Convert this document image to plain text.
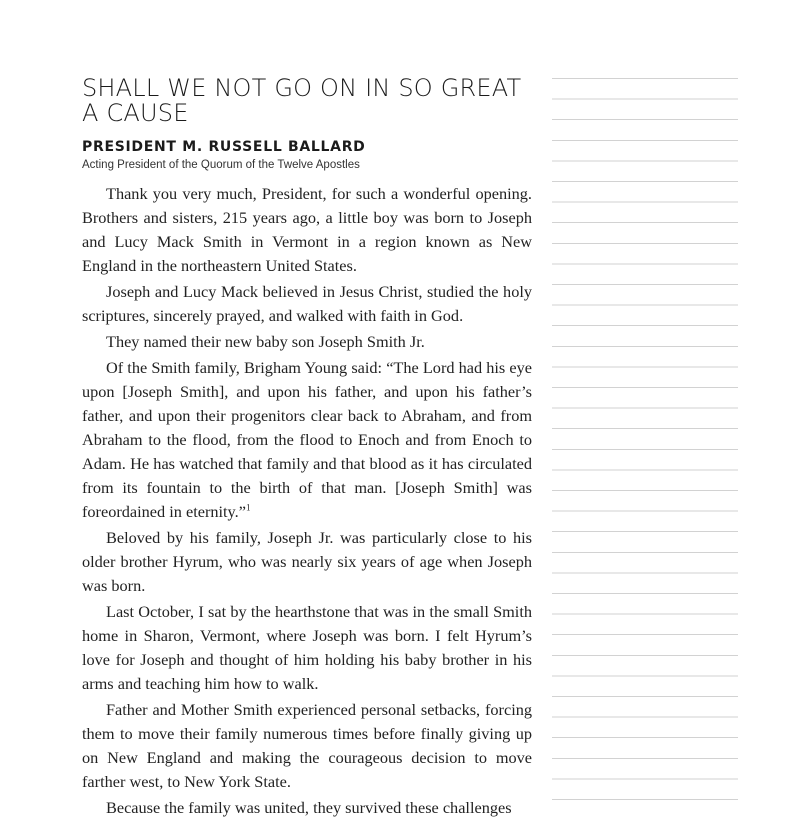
SHALL WE NOT GO ON IN SO GREAT A CAUSE

PRESIDENT M. RUSSELL BALLARD

Acting President of the Quorum of the Twelve Apostles

Thank you very much, President, for such a wonderful opening. Brothers and sisters, 215 years ago, a little boy was born to Joseph and Lucy Mack Smith in Vermont in a region known as New England in the northeastern United States.

Joseph and Lucy Mack believed in Jesus Christ, studied the holy scriptures, sincerely prayed, and walked with faith in God.

They named their new baby son Joseph Smith Jr.

Of the Smith family, Brigham Young said: “The Lord had his eye upon [Joseph Smith], and upon his father, and upon his father’s father, and upon their progenitors clear back to Abraham, and from Abraham to the flood, from the flood to Enoch and from Enoch to Adam. He has watched that family and that blood as it has circulated from its fountain to the birth of that man. [Joseph Smith] was foreordained in eternity.”$^1$

Beloved by his family, Joseph Jr. was particularly close to his older brother Hyrum, who was nearly six years of age when Joseph was born.

Last October, I sat by the hearthstone that was in the small Smith home in Sharon, Vermont, where Joseph was born. I felt Hyrum’s love for Joseph and thought of him holding his baby brother in his arms and teaching him how to walk.

Father and Mother Smith experienced personal setbacks, forcing them to move their family numerous times before finally giving up on New England and making the courageous decision to move farther west, to New York State.

Because the family was united, they survived these challenges
